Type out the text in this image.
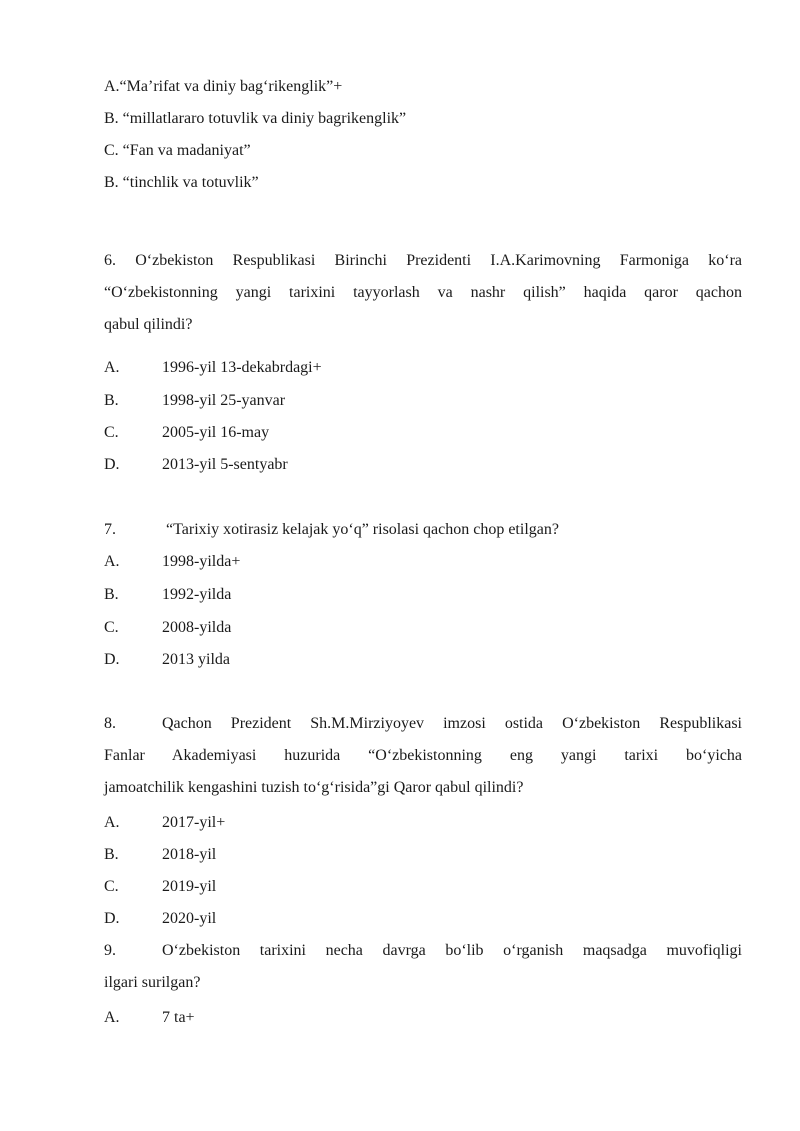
A.“Ma’rifat va diniy bag‘rikenglik”+
B. “millatlararo totuvlik va diniy bagrikenglik”
C. “Fan va madaniyat”
B. “tinchlik va totuvlik”
6. O‘zbekiston Respublikasi Birinchi Prezidenti I.A.Karimovning Farmoniga ko‘ra
“O‘zbekistonning yangi tarixini tayyorlash va nashr qilish” haqida qaror qachon
qabul qilindi?
A.	1996-yil 13-dekabrdagi+
B.	1998-yil 25-yanvar
C.	2005-yil 16-may
D.	2013-yil 5-sentyabr
7.	“Tarixiy xotirasiz kelajak yo‘q” risolasi qachon chop etilgan?
A.	1998-yilda+
B.	1992-yilda
C.	2008-yilda
D.	2013 yilda
8.	Qachon Prezident Sh.M.Mirziyoyev imzosi ostida O‘zbekiston Respublikasi
Fanlar Akademiyasi huzurida “O‘zbekistonning eng yangi tarixi bo‘yicha
jamoatchilik kengashini tuzish to‘g‘risida”gi Qaror qabul qilindi?
A.	2017-yil+
B.	2018-yil
C.	2019-yil
D.	2020-yil
9.	O‘zbekiston tarixini necha davrga bo‘lib o‘rganish maqsadga muvofiqligi
ilgari surilgan?
A.	7 ta+
